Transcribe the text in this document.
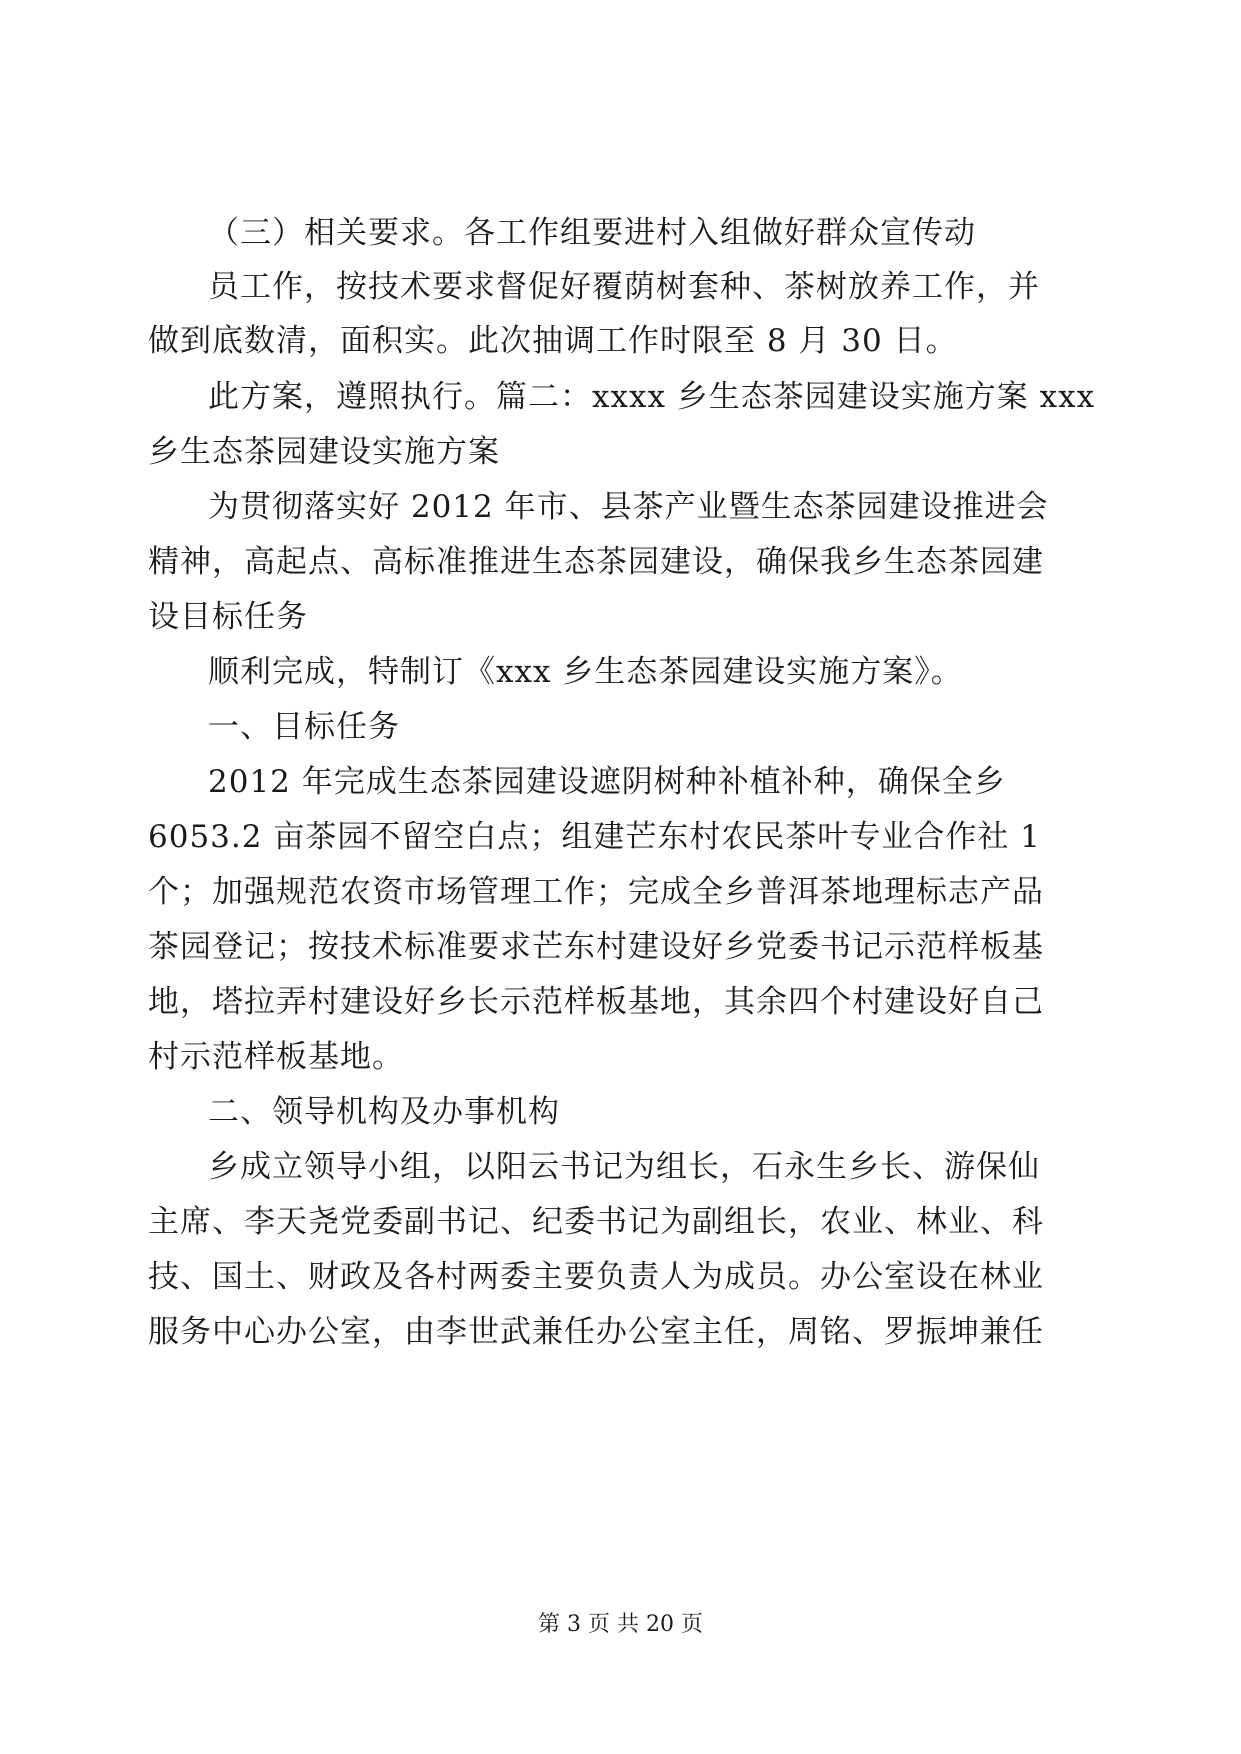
（三）相关要求。各工作组要进村入组做好群众宣传动
员工作，按技术要求督促好覆荫树套种、茶树放养工作，并
做到底数清，面积实。此次抽调工作时限至 8 月 30 日。
此方案，遵照执行。篇二：xxxx 乡生态茶园建设实施方案 xxx
乡生态茶园建设实施方案
为贯彻落实好 2012 年市、县茶产业暨生态茶园建设推进会
精神，高起点、高标准推进生态茶园建设，确保我乡生态茶园建
设目标任务
顺利完成，特制订《xxx 乡生态茶园建设实施方案》。
一、目标任务
2012 年完成生态茶园建设遮阴树种补植补种，确保全乡
6053.2 亩茶园不留空白点；组建芒东村农民茶叶专业合作社 1
个；加强规范农资市场管理工作；完成全乡普洱茶地理标志产品
茶园登记；按技术标准要求芒东村建设好乡党委书记示范样板基
地，塔拉弄村建设好乡长示范样板基地，其余四个村建设好自己
村示范样板基地。
二、领导机构及办事机构
乡成立领导小组，以阳云书记为组长，石永生乡长、游保仙
主席、李天尧党委副书记、纪委书记为副组长，农业、林业、科
技、国土、财政及各村两委主要负责人为成员。办公室设在林业
服务中心办公室，由李世武兼任办公室主任，周铭、罗振坤兼任
第 3 页 共 20 页
